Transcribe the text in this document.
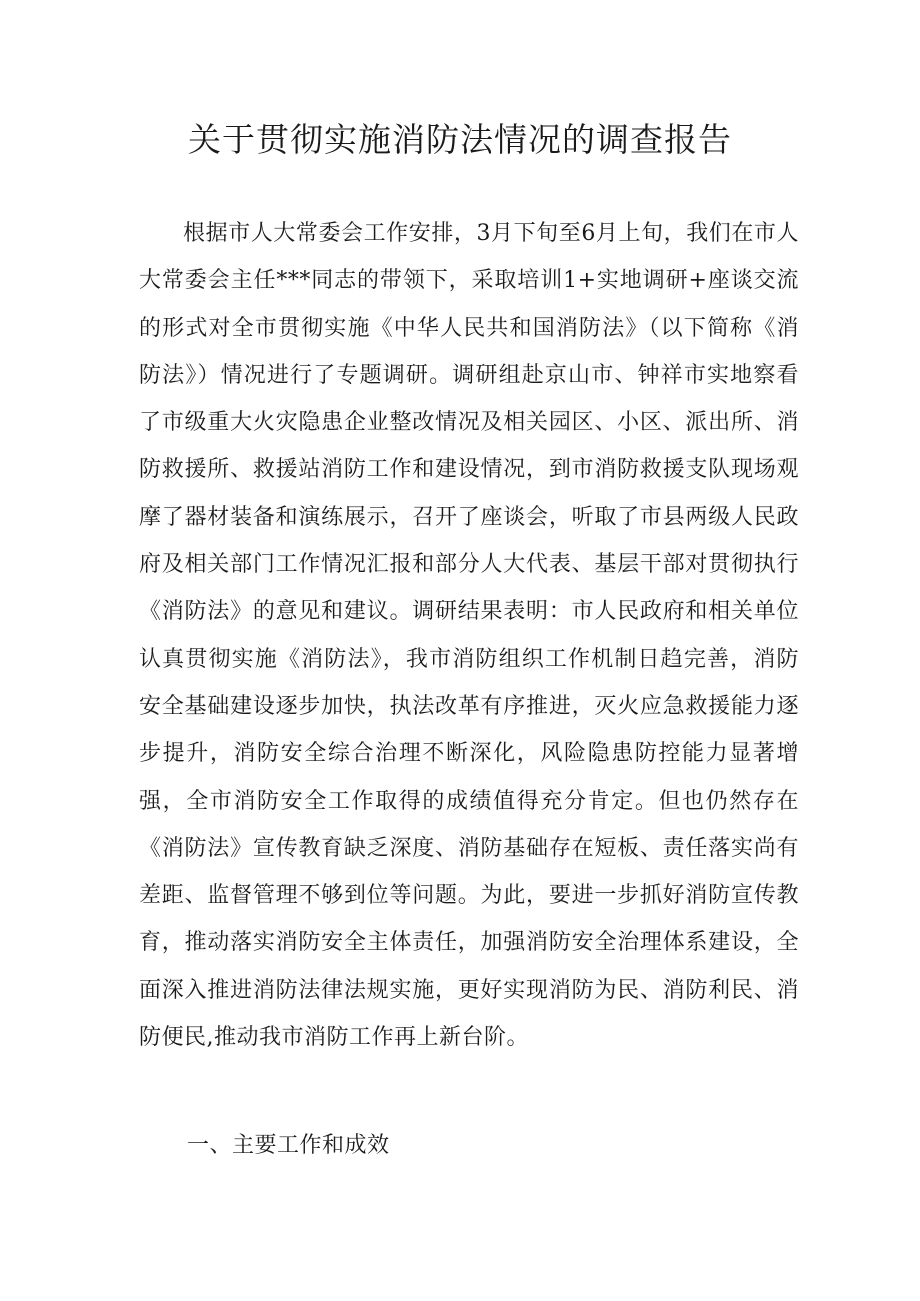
关于贯彻实施消防法情况的调查报告

根据市人大常委会工作安排，3月下旬至6月上旬，我们在市人大常委会主任***同志的带领下，采取培训1+实地调研+座谈交流的形式对全市贯彻实施《中华人民共和国消防法》（以下简称《消防法》）情况进行了专题调研。调研组赴京山市、钟祥市实地察看了市级重大火灾隐患企业整改情况及相关园区、小区、派出所、消防救援所、救援站消防工作和建设情况，到市消防救援支队现场观摩了器材装备和演练展示，召开了座谈会，听取了市县两级人民政府及相关部门工作情况汇报和部分人大代表、基层干部对贯彻执行《消防法》的意见和建议。调研结果表明：市人民政府和相关单位认真贯彻实施《消防法》，我市消防组织工作机制日趋完善，消防安全基础建设逐步加快，执法改革有序推进，灭火应急救援能力逐步提升，消防安全综合治理不断深化，风险隐患防控能力显著增强，全市消防安全工作取得的成绩值得充分肯定。但也仍然存在《消防法》宣传教育缺乏深度、消防基础存在短板、责任落实尚有差距、监督管理不够到位等问题。为此，要进一步抓好消防宣传教育，推动落实消防安全主体责任，加强消防安全治理体系建设，全面深入推进消防法律法规实施，更好实现消防为民、消防利民、消防便民,推动我市消防工作再上新台阶。

一、主要工作和成效
